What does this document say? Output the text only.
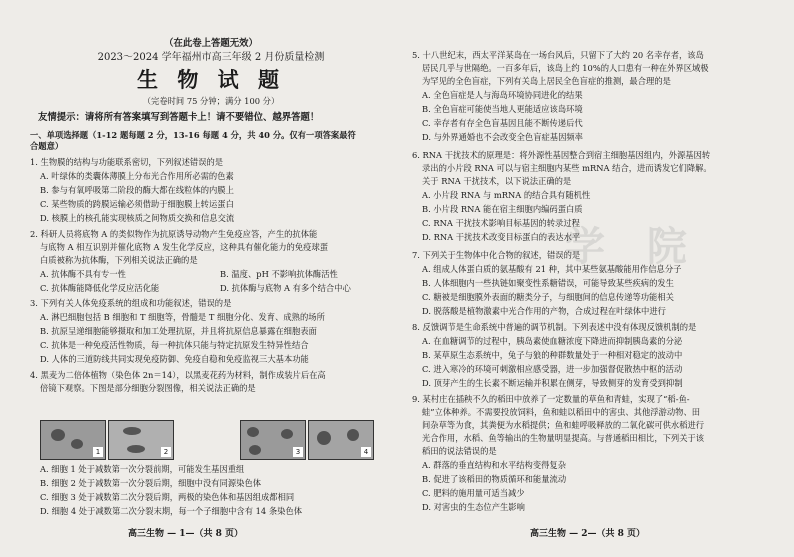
（在此卷上答题无效）
2023～2024 学年福州市高三年级 2 月份质量检测
生 物 试 题
（完卷时间 75 分钟；满分 100 分）
友情提示：请将所有答案填写到答题卡上！请不要错位、越界答题！
一、单项选择题（1-12 题每题 2 分，13-16 每题 4 分，共 40 分。仅有一项答案最符
合题意）
1. 生物膜的结构与功能联系密切，下列叙述错误的是
A. 叶绿体的类囊体薄膜上分布光合作用所必需的色素
B. 参与有氧呼吸第二阶段的酶大都在线粒体的内膜上
C. 某些物质的跨膜运输必须借助于细胞膜上转运蛋白
D. 核膜上的核孔能实现核质之间物质交换和信息交流
2. 科研人员将底物 A 的类似物作为抗原诱导动物产生免疫应答，产生的抗体能
与底物 A 相互识别并催化底物 A 发生化学反应，这种具有催化能力的免疫球蛋
白质被称为抗体酶，下列相关说法正确的是
A. 抗体酶不具有专一性	B. 温度、pH 不影响抗体酶活性
C. 抗体酶能降低化学反应活化能	D. 抗体酶与底物 A 有多个结合中心
3. 下列有关人体免疫系统的组成和功能叙述，错误的是
A. 淋巴细胞包括 B 细胞和 T 细胞等，骨髓是 T 细胞分化、发育、成熟的场所
B. 抗原呈递细胞能够摄取和加工处理抗原，并且将抗原信息暴露在细胞表面
C. 抗体是一种免疫活性物质，每一种抗体只能与特定抗原发生特异性结合
D. 人体的三道防线共同实现免疫防御、免疫自稳和免疫监视三大基本功能
4. 黑麦为二倍体植物（染色体 2n＝14），以黑麦花药为材料，制作成装片后在高
倍镜下观察。下图是部分细胞分裂图像，相关说法正确的是
1	2	3	4
A. 细胞 1 处于减数第一次分裂前期，可能发生基因重组
B. 细胞 2 处于减数第一次分裂后期，细胞中没有同源染色体
C. 细胞 3 处于减数第二次分裂后期，两极的染色体和基因组成都相同
D. 细胞 4 处于减数第二次分裂末期，每一个子细胞中含有 14 条染色体
高三生物 — 1—（共 8 页）
学 院
5. 十八世纪末，西太平洋某岛在一场台风后，只留下了大约 20 名幸存者，该岛
居民几乎与世隔绝。一百多年后，该岛上约 10%的人口患有一种在外界区域极
为罕见的全色盲症，下列有关岛上居民全色盲症的推测，最合理的是
A. 全色盲症是人与海岛环境协同进化的结果
B. 全色盲症可能使当地人更能适应该岛环境
C. 幸存者有存全色盲基因且能不断传递后代
D. 与外界通婚也不会改变全色盲症基因频率
6. RNA 干扰技术的原理是：将外源性基因整合到宿主细胞基因组内，外源基因转
录出的小片段 RNA 可以与宿主细胞内某些 mRNA 结合，进而诱发它们降解。
关于 RNA 干扰技术，以下说法正确的是
A. 小片段 RNA 与 mRNA 的结合具有随机性
B. 小片段 RNA 能在宿主细胞内编码蛋白质
C. RNA 干扰技术影响目标基因的转录过程
D. RNA 干扰技术改变目标蛋白的表达水平
7. 下列关于生物体中化合物的叙述，错误的是
A. 组成人体蛋白质的氨基酸有 21 种，其中某些氨基酸能用作信息分子
B. 人体细胞内一些执链如聚变性系糖错误，可能导致某些疾病的发生
C. 糖被是细胞膜外表面的糖类分子，与细胞间的信息传递等功能相关
D. 脱落酸是植物激素中光合作用的产物，合成过程在叶绿体中进行
8. 反馈调节是生命系统中普遍的调节机制。下列表述中没有体现反馈机制的是
A. 在血糖调节的过程中，胰岛素使血糖浓度下降进而抑制胰岛素的分泌
B. 某草原生态系统中，兔子与狼的种群数量处于一种相对稳定的波动中
C. 进入寒冷的环境可刺激相应感受器，进一步加强督促散热中枢的活动
D. 顶芽产生的生长素不断运输并积累在侧芽，导致侧芽的发育受到抑制
9. 某村庄在插秧不久的稻田中放养了一定数量的草鱼和青蛙，实现了“稻-鱼-
蛙”立体种养。不需要投放饲料，鱼和蛙以稻田中的害虫、其他浮游动物、田
间杂草等为食，其粪便为水稻提供；鱼和蛙呼吸释放的二氧化碳可供水稻进行
光合作用，水稻、鱼等输出的生物量明显提高。与普通稻田相比，下列关于该
稻田的说法错误的是
A. 群落的垂直结构和水平结构变得复杂
B. 促进了该稻田的物质循环和能量流动
C. 肥料的施用量可适当减少
D. 对害虫的生态位产生影响
高三生物 — 2—（共 8 页）
